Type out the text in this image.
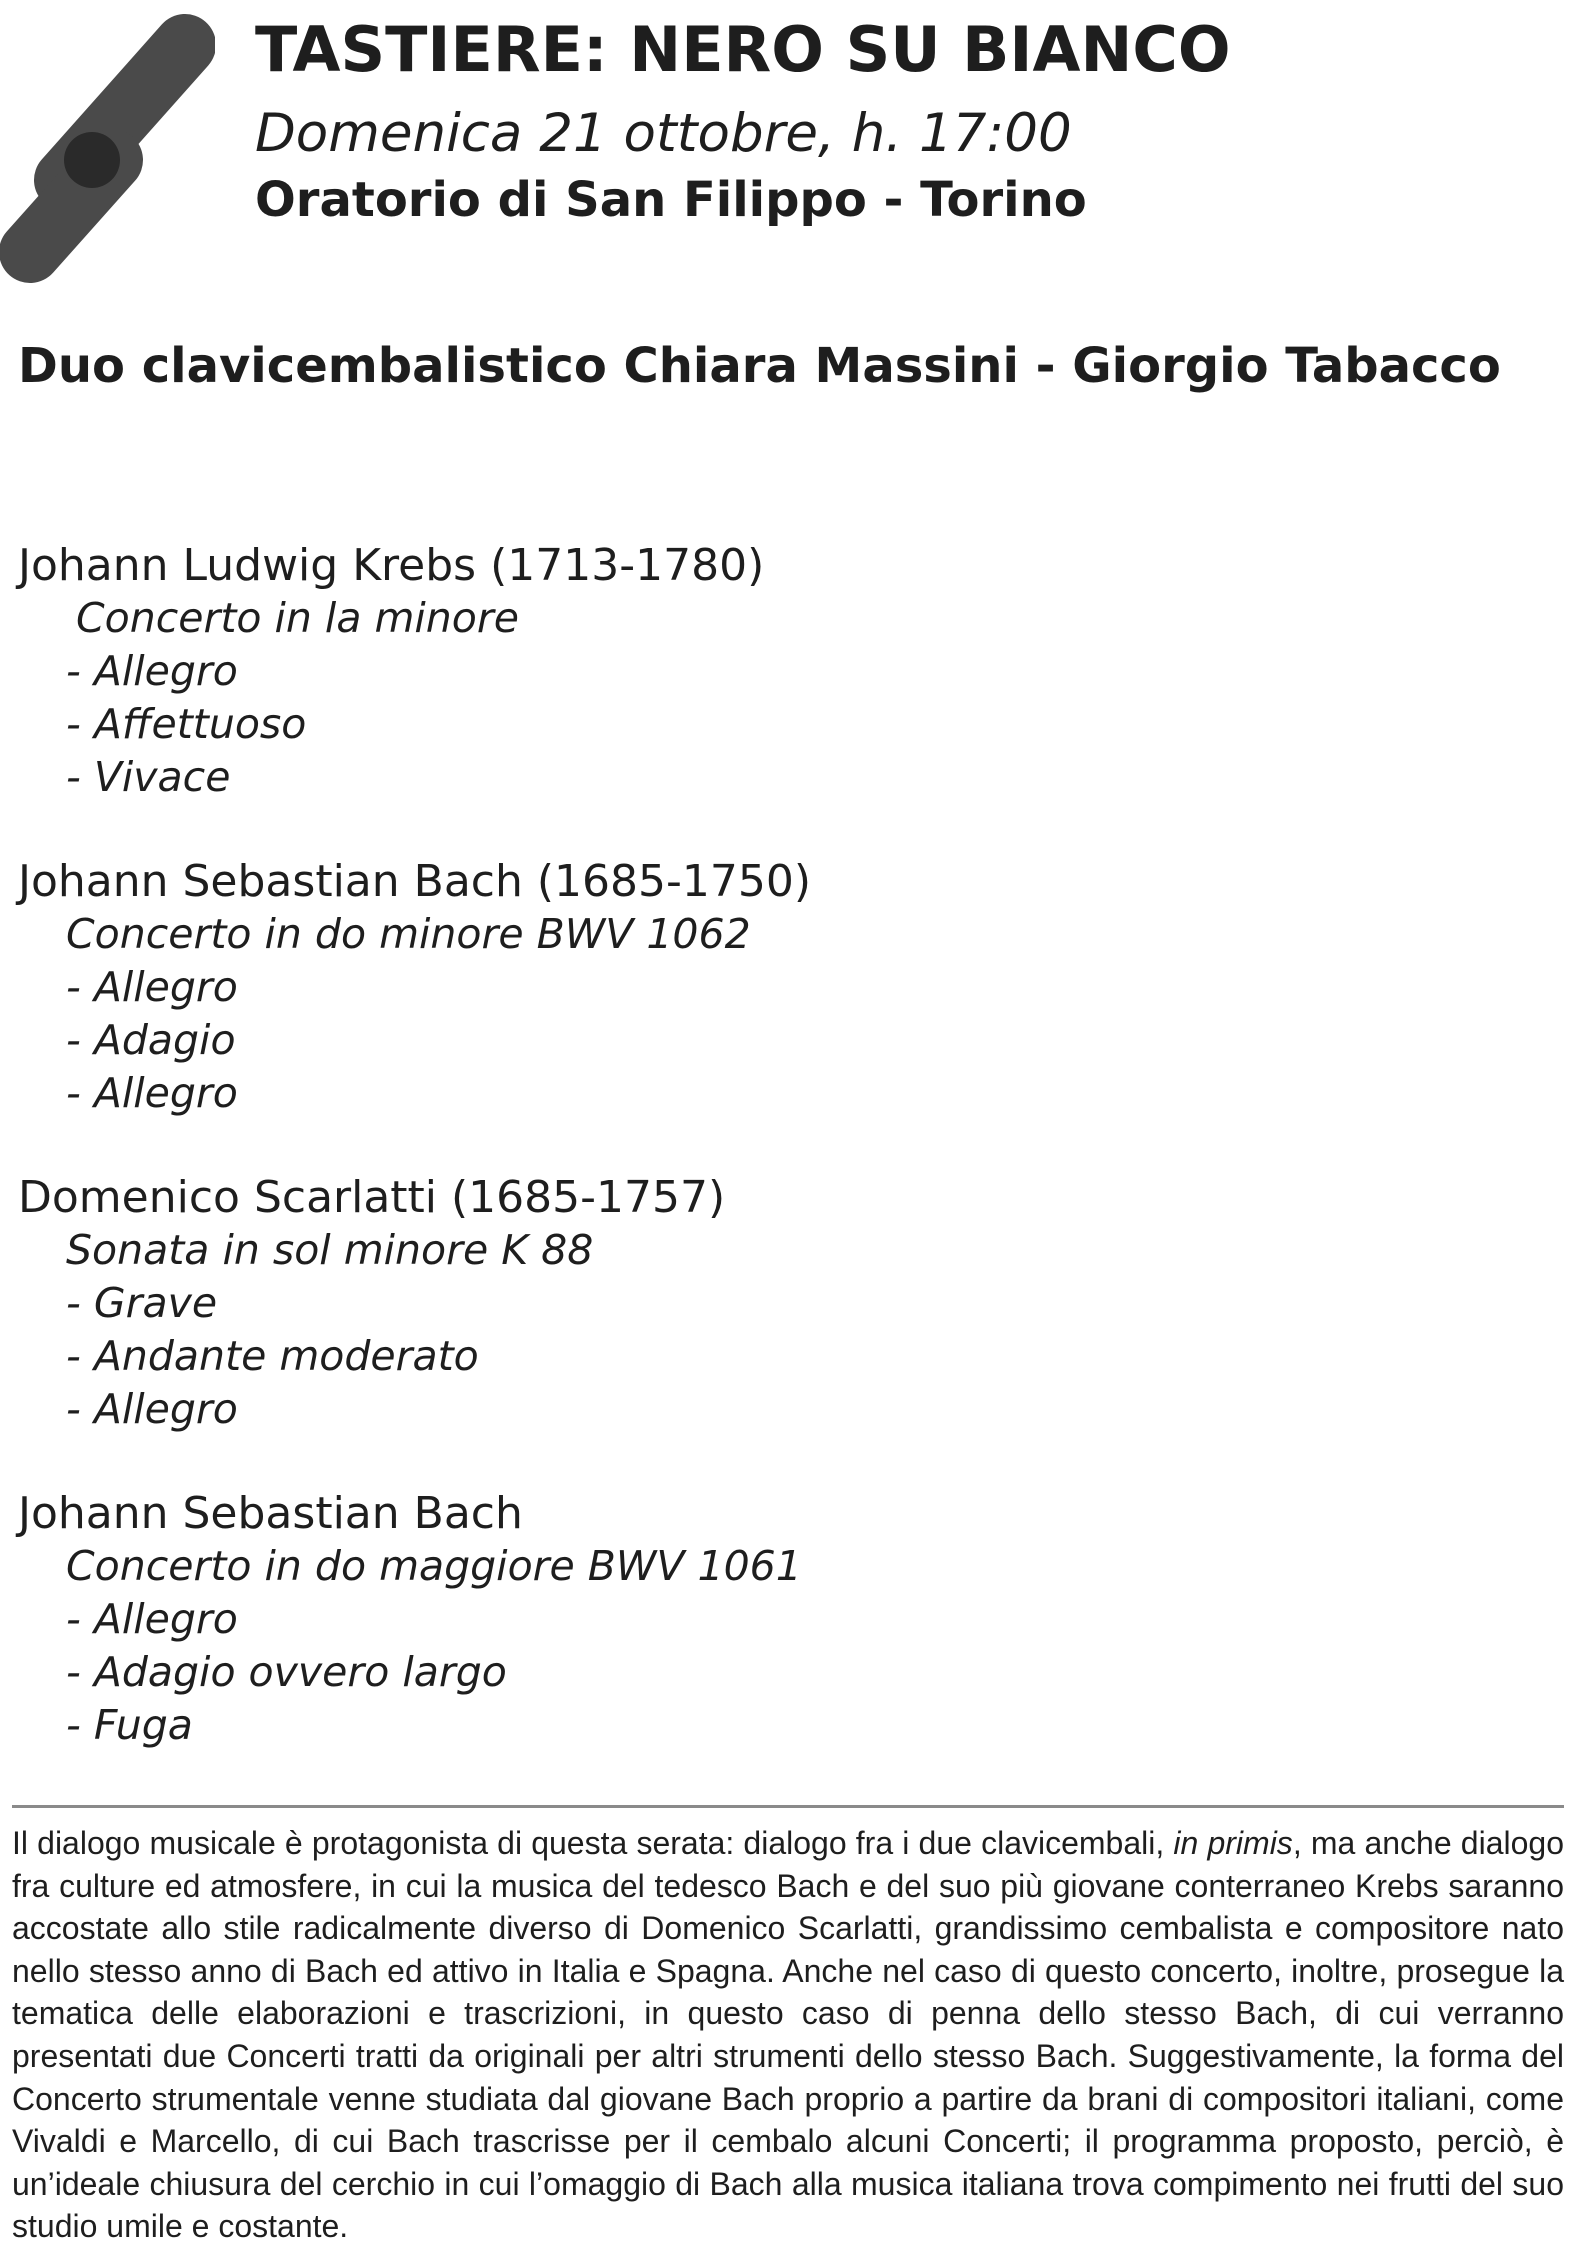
TASTIERE: NERO SU BIANCO

Domenica 21 ottobre, h. 17:00

Oratorio di San Filippo - Torino

Duo clavicembalistico Chiara Massini - Giorgio Tabacco
Johann Ludwig Krebs (1713-1780)
Concerto in la minore
- Allegro
- Affettuoso
- Vivace
Johann Sebastian Bach (1685-1750)
Concerto in do minore BWV 1062
- Allegro
- Adagio
- Allegro
Domenico Scarlatti (1685-1757)
Sonata in sol minore K 88
- Grave
- Andante moderato
- Allegro
Johann Sebastian Bach
Concerto in do maggiore BWV 1061
- Allegro
- Adagio ovvero largo
- Fuga

Il dialogo musicale è protagonista di questa serata: dialogo fra i due clavicembali, in primis, ma anche dialogo fra culture ed atmosfere, in cui la musica del tedesco Bach e del suo più giovane conterraneo Krebs saranno accostate allo stile radicalmente diverso di Domenico Scarlatti, grandissimo cembalista e compositore nato nello stesso anno di Bach ed attivo in Italia e Spagna. Anche nel caso di questo concerto, inoltre, prosegue la tematica delle elaborazioni e trascrizioni, in questo caso di penna dello stesso Bach, di cui verranno presentati due Concerti tratti da originali per altri strumenti dello stesso Bach. Suggestivamente, la forma del Concerto strumentale venne studiata dal giovane Bach proprio a partire da brani di compositori italiani, come Vivaldi e Marcello, di cui Bach trascrisse per il cembalo alcuni Concerti; il programma proposto, perciò, è un’ideale chiusura del cerchio in cui l’omaggio di Bach alla musica italiana trova compimento nei frutti del suo studio umile e costante.
